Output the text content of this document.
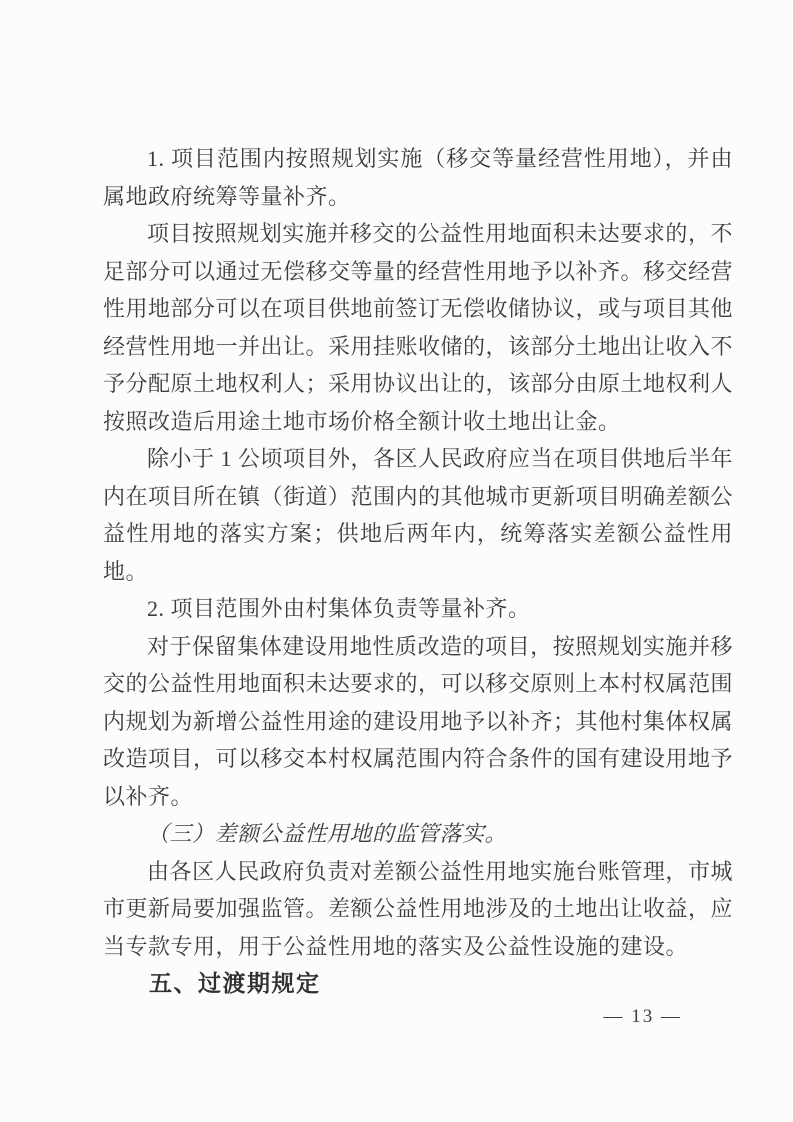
1. 项目范围内按照规划实施（移交等量经营性用地），并由属地政府统筹等量补齐。

项目按照规划实施并移交的公益性用地面积未达要求的，不足部分可以通过无偿移交等量的经营性用地予以补齐。移交经营性用地部分可以在项目供地前签订无偿收储协议，或与项目其他经营性用地一并出让。采用挂账收储的，该部分土地出让收入不予分配原土地权利人；采用协议出让的，该部分由原土地权利人按照改造后用途土地市场价格全额计收土地出让金。

除小于 1 公顷项目外，各区人民政府应当在项目供地后半年内在项目所在镇（街道）范围内的其他城市更新项目明确差额公益性用地的落实方案；供地后两年内，统筹落实差额公益性用地。

2. 项目范围外由村集体负责等量补齐。

对于保留集体建设用地性质改造的项目，按照规划实施并移交的公益性用地面积未达要求的，可以移交原则上本村权属范围内规划为新增公益性用途的建设用地予以补齐；其他村集体权属改造项目，可以移交本村权属范围内符合条件的国有建设用地予以补齐。

（三）差额公益性用地的监管落实。

由各区人民政府负责对差额公益性用地实施台账管理，市城市更新局要加强监管。差额公益性用地涉及的土地出让收益，应当专款专用，用于公益性用地的落实及公益性设施的建设。

五、过渡期规定

— 13 —
